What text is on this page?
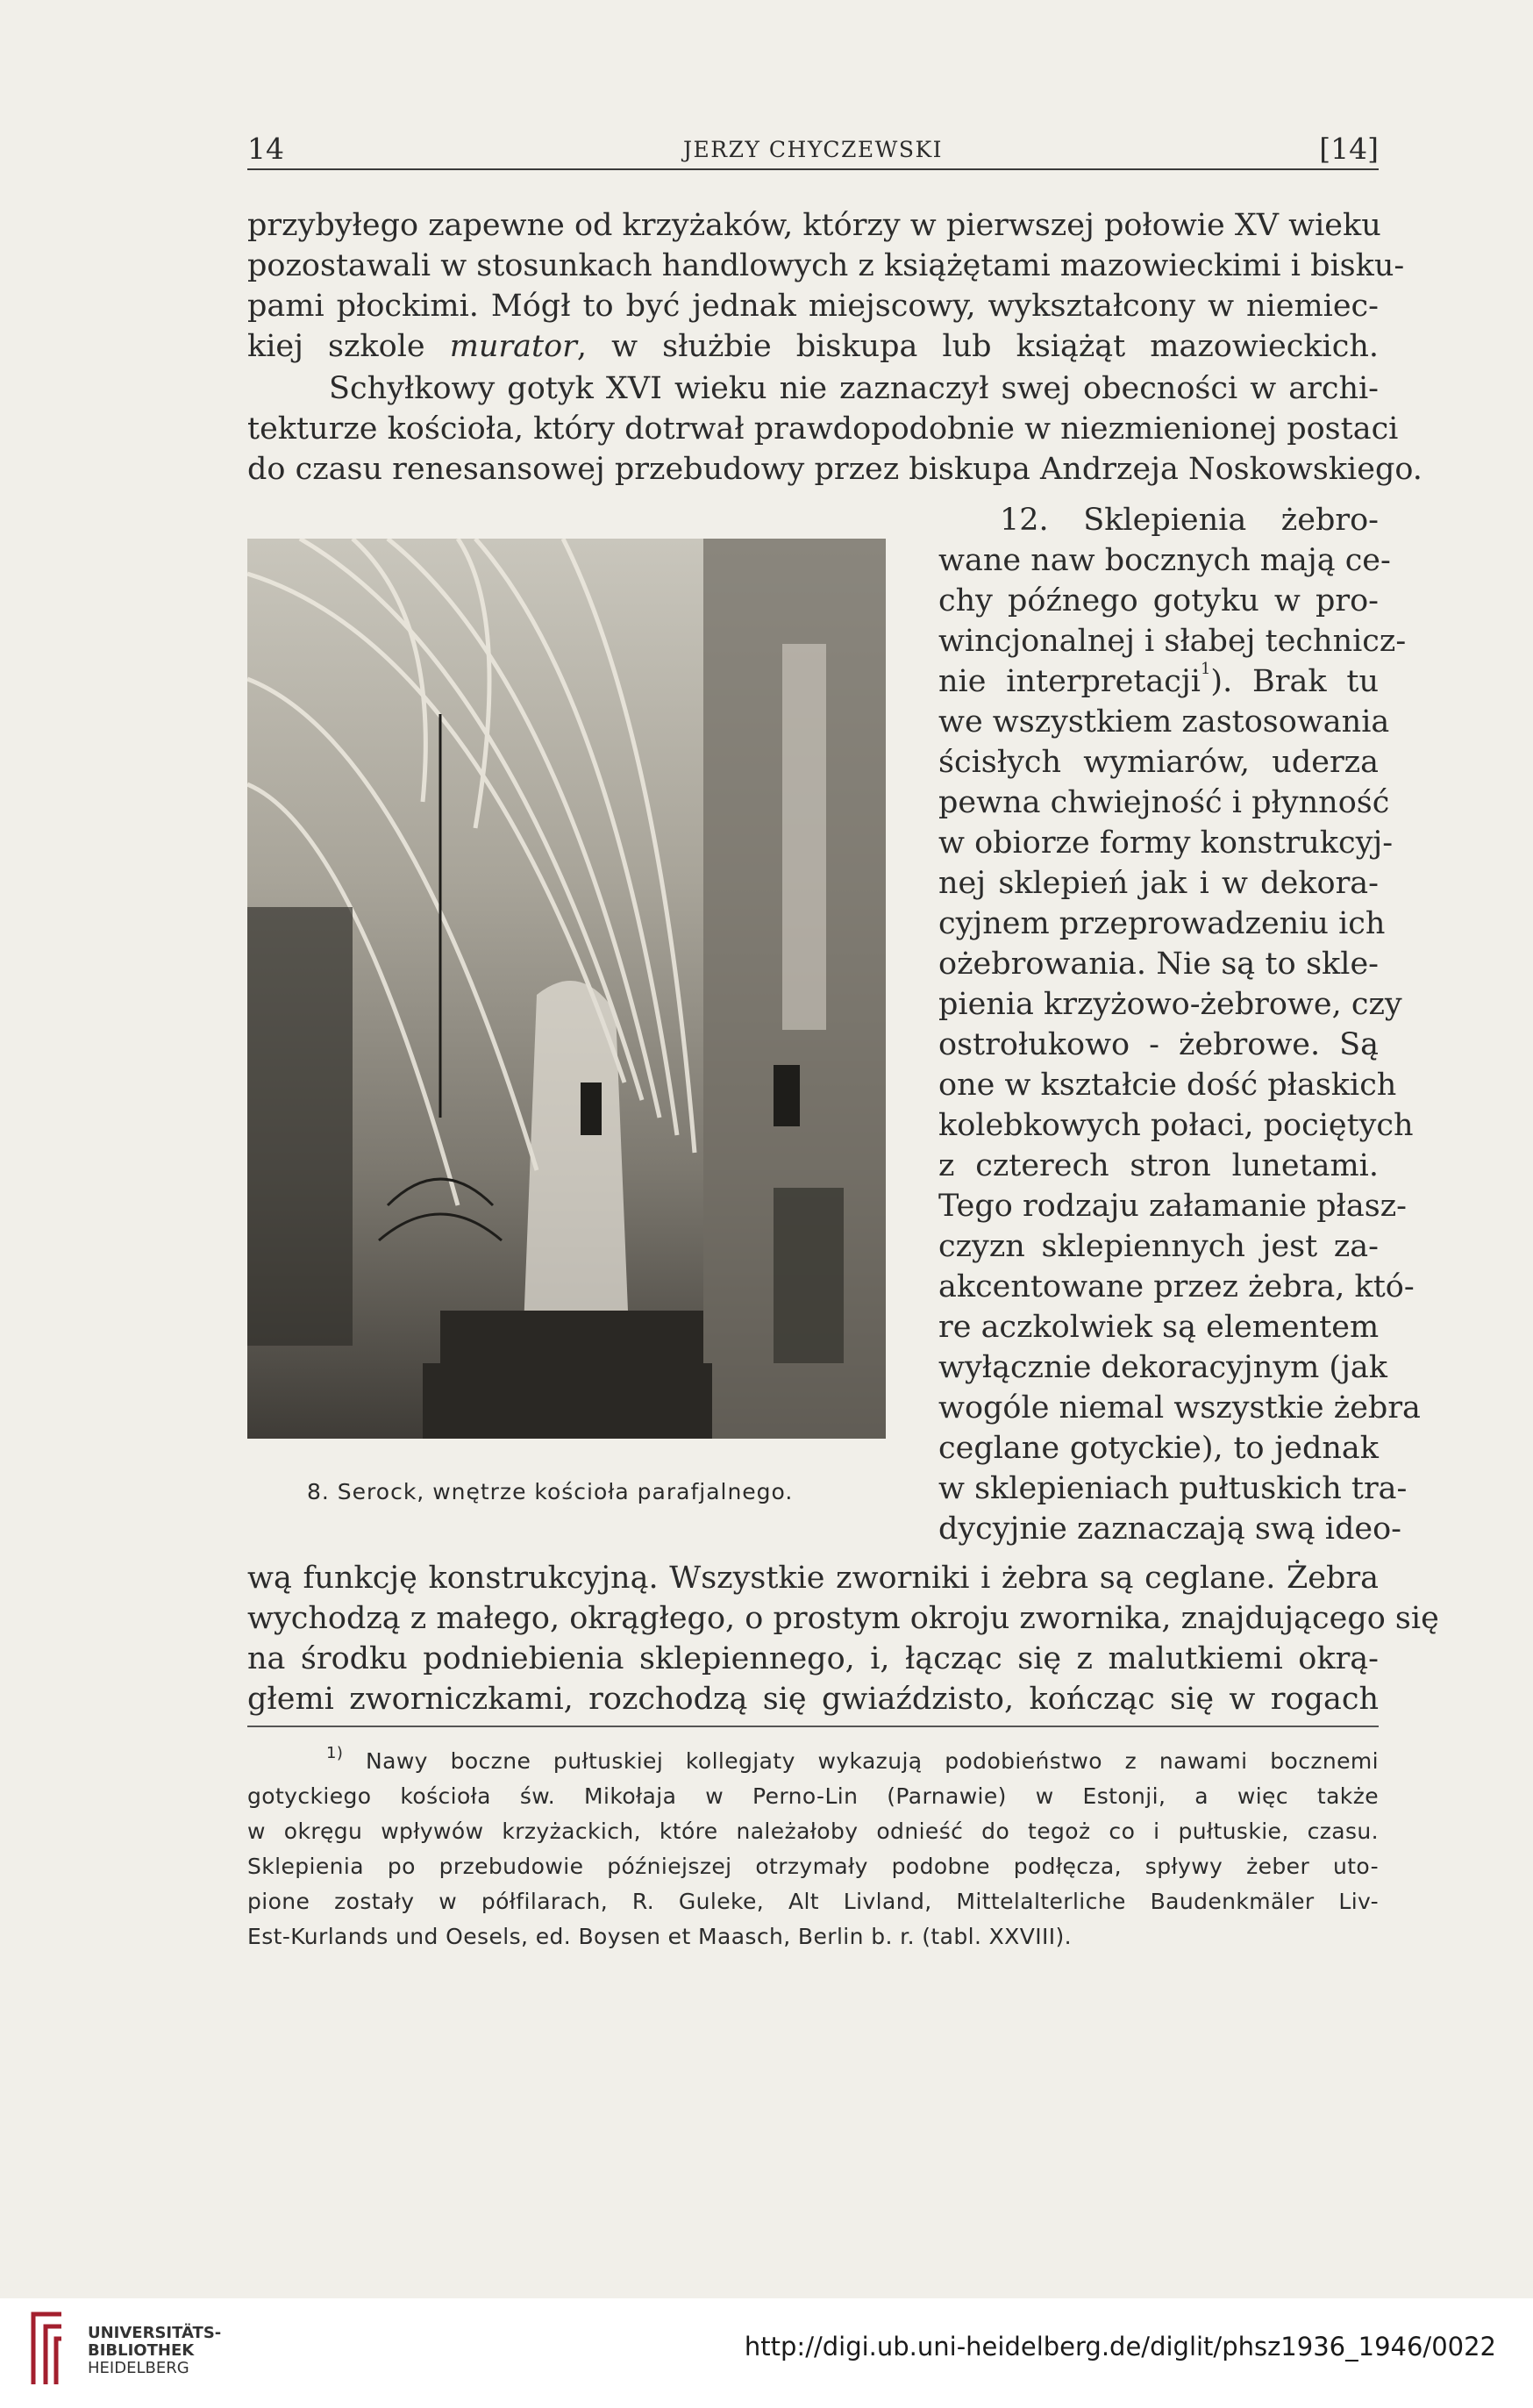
14	JERZY CHYCZEWSKI	[14]
przybyłego zapewne od krzyżaków, którzy w pierwszej połowie XV wieku
pozostawali w stosunkach handlowych z książętami mazowieckimi i bisku-
pami płockimi. Mógł to być jednak miejscowy, wykształcony w niemiec-
kiej szkole murator, w służbie biskupa lub książąt mazowieckich.
Schyłkowy gotyk XVI wieku nie zaznaczył swej obecności w archi-
tekturze kościoła, który dotrwał prawdopodobnie w niezmienionej postaci
do czasu renesansowej przebudowy przez biskupa Andrzeja Noskowskiego.
8. Serock, wnętrze kościoła parafjalnego.
12. Sklepienia żebro-
wane naw bocznych mają ce-
chy późnego gotyku w pro-
wincjonalnej i słabej technicz-
nie interpretacji$^1$). Brak tu
we wszystkiem zastosowania
ścisłych wymiarów, uderza
pewna chwiejność i płynność
w obiorze formy konstrukcyj-
nej sklepień jak i w dekora-
cyjnem przeprowadzeniu ich
ożebrowania. Nie są to skle-
pienia krzyżowo-żebrowe, czy
ostrołukowo - żebrowe. Są
one w kształcie dość płaskich
kolebkowych połaci, pociętych
z czterech stron lunetami.
Tego rodzaju załamanie płasz-
czyzn sklepiennych jest za-
akcentowane przez żebra, któ-
re aczkolwiek są elementem
wyłącznie dekoracyjnym (jak
wogóle niemal wszystkie żebra
ceglane gotyckie), to jednak
w sklepieniach pułtuskich tra-
dycyjnie zaznaczają swą ideo-
wą funkcję konstrukcyjną. Wszystkie zworniki i żebra są ceglane. Żebra
wychodzą z małego, okrągłego, o prostym okroju zwornika, znajdującego się
na środku podniebienia sklepiennego, i, łącząc się z malutkiemi okrą-
głemi zworniczkami, rozchodzą się gwiaździsto, kończąc się w rogach
$^{1)}$ Nawy boczne pułtuskiej kollegjaty wykazują podobieństwo z nawami bocznemi
gotyckiego kościoła św. Mikołaja w Perno-Lin (Parnawie) w Estonji, a więc także
w okręgu wpływów krzyżackich, które należałoby odnieść do tegoż co i pułtuskie, czasu.
Sklepienia po przebudowie późniejszej otrzymały podobne podłęcza, spływy żeber uto-
pione zostały w półfilarach, R. Guleke, Alt Livland, Mittelalterliche Baudenkmäler Liv-
Est-Kurlands und Oesels, ed. Boysen et Maasch, Berlin b. r. (tabl. XXVIII).
UNIVERSITÄTS-
BIBLIOTHEK
HEIDELBERG
http://digi.ub.uni-heidelberg.de/diglit/phsz1936_1946/0022
